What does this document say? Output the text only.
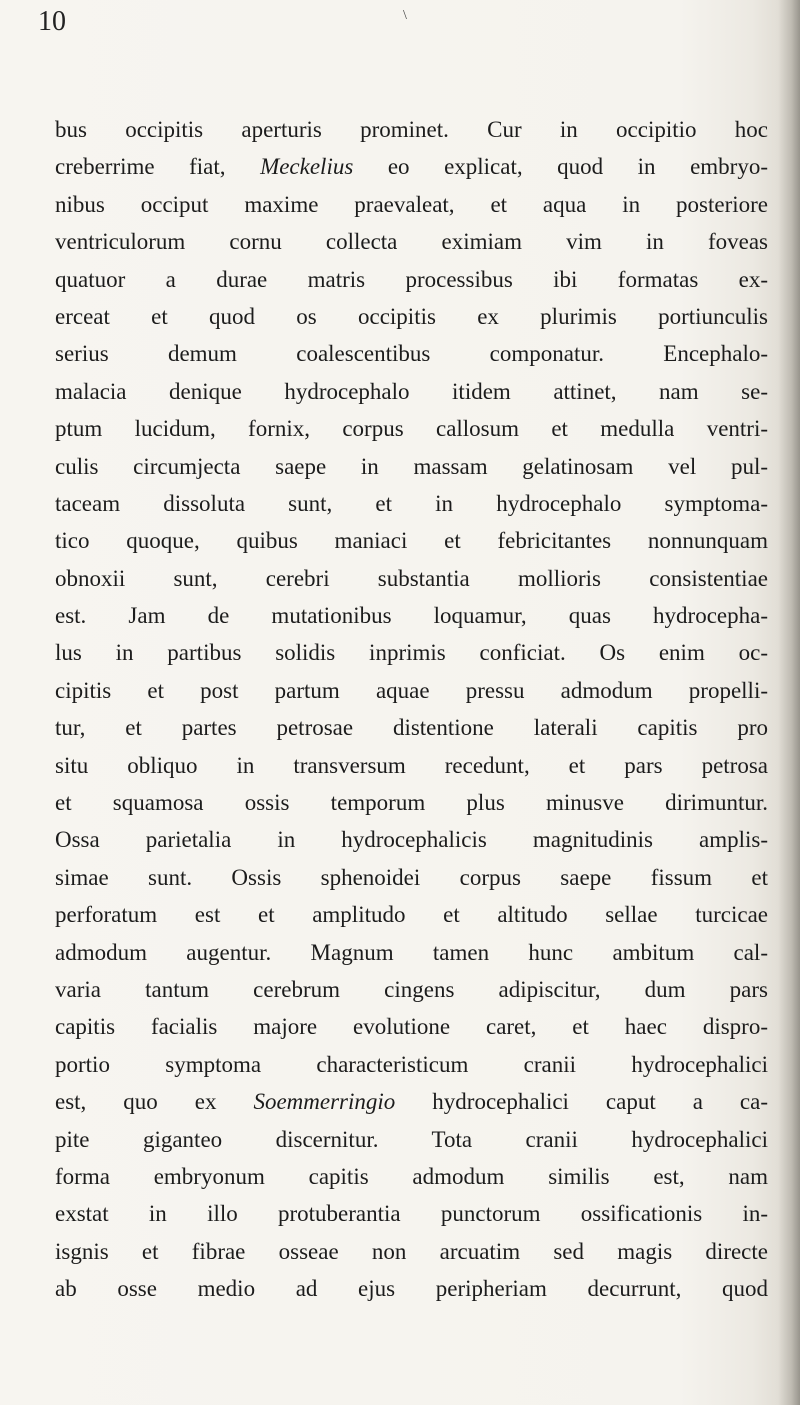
\
10
bus occipitis aperturis prominet. Cur in occipitio hoc
creberrime fiat, Meckelius eo explicat, quod in embryo-
nibus occiput maxime praevaleat, et aqua in posteriore
ventriculorum cornu collecta eximiam vim in foveas
quatuor a durae matris processibus ibi formatas ex-
erceat et quod os occipitis ex plurimis portiunculis
serius demum coalescentibus componatur. Encephalo-
malacia denique hydrocephalo itidem attinet, nam se-
ptum lucidum, fornix, corpus callosum et medulla ventri-
culis circumjecta saepe in massam gelatinosam vel pul-
taceam dissoluta sunt, et in hydrocephalo symptoma-
tico quoque, quibus maniaci et febricitantes nonnunquam
obnoxii sunt, cerebri substantia mollioris consistentiae
est. Jam de mutationibus loquamur, quas hydrocepha-
lus in partibus solidis inprimis conficiat. Os enim oc-
cipitis et post partum aquae pressu admodum propelli-
tur, et partes petrosae distentione laterali capitis pro
situ obliquo in transversum recedunt, et pars petrosa
et squamosa ossis temporum plus minusve dirimuntur.
Ossa parietalia in hydrocephalicis magnitudinis amplis-
simae sunt. Ossis sphenoidei corpus saepe fissum et
perforatum est et amplitudo et altitudo sellae turcicae
admodum augentur. Magnum tamen hunc ambitum cal-
varia tantum cerebrum cingens adipiscitur, dum pars
capitis facialis majore evolutione caret, et haec dispro-
portio symptoma characteristicum cranii hydrocephalici
est, quo ex Soemmerringio hydrocephalici caput a ca-
pite giganteo discernitur. Tota cranii hydrocephalici
forma embryonum capitis admodum similis est, nam
exstat in illo protuberantia punctorum ossificationis in-
isgnis et fibrae osseae non arcuatim sed magis directe
ab osse medio ad ejus peripheriam decurrunt, quod
